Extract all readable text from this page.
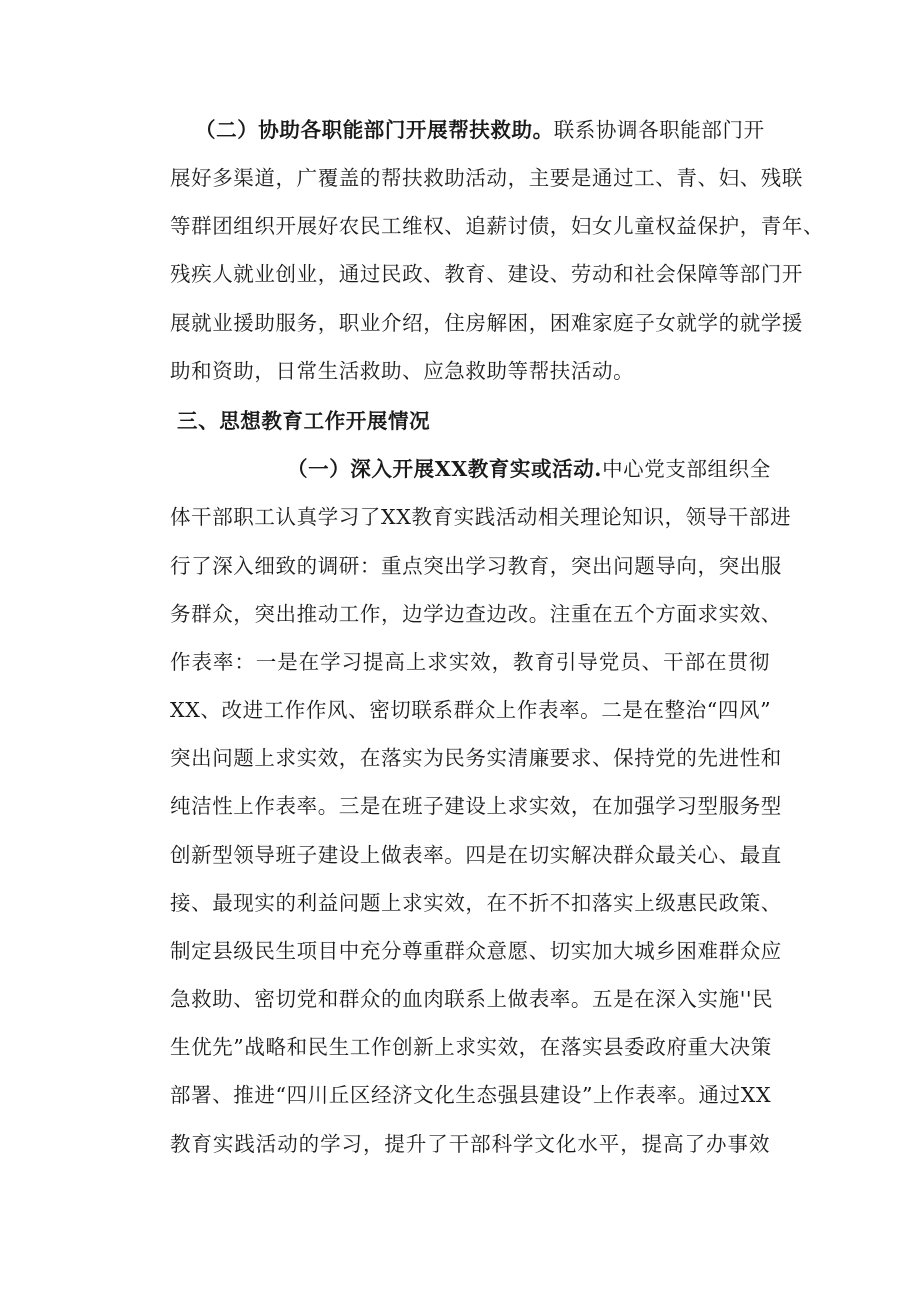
（二）协助各职能部门开展帮扶救助。联系协调各职能部门开
展好多渠道，广覆盖的帮扶救助活动，主要是通过工、青、妇、残联
等群团组织开展好农民工维权、追薪讨债，妇女儿童权益保护，青年、
残疾人就业创业，通过民政、教育、建设、劳动和社会保障等部门开
展就业援助服务，职业介绍，住房解困，困难家庭子女就学的就学援
助和资助，日常生活救助、应急救助等帮扶活动。
三、思想教育工作开展情况
（一）深入开展XX教育实或活动.中心党支部组织全
体干部职工认真学习了XX教育实践活动相关理论知识，领导干部进
行了深入细致的调研：重点突出学习教育，突出问题导向，突出服
务群众，突出推动工作，边学边查边改。注重在五个方面求实效、
作表率：一是在学习提高上求实效，教育引导党员、干部在贯彻
XX、改进工作作风、密切联系群众上作表率。二是在整治“四风”
突出问题上求实效，在落实为民务实清廉要求、保持党的先进性和
纯洁性上作表率。三是在班子建设上求实效，在加强学习型服务型
创新型领导班子建设上做表率。四是在切实解决群众最关心、最直
接、最现实的利益问题上求实效，在不折不扣落实上级惠民政策、
制定县级民生项目中充分尊重群众意愿、切实加大城乡困难群众应
急救助、密切党和群众的血肉联系上做表率。五是在深入实施''民
生优先”战略和民生工作创新上求实效，在落实县委政府重大决策
部署、推进“四川丘区经济文化生态强县建设”上作表率。通过XX
教育实践活动的学习，提升了干部科学文化水平，提高了办事效
